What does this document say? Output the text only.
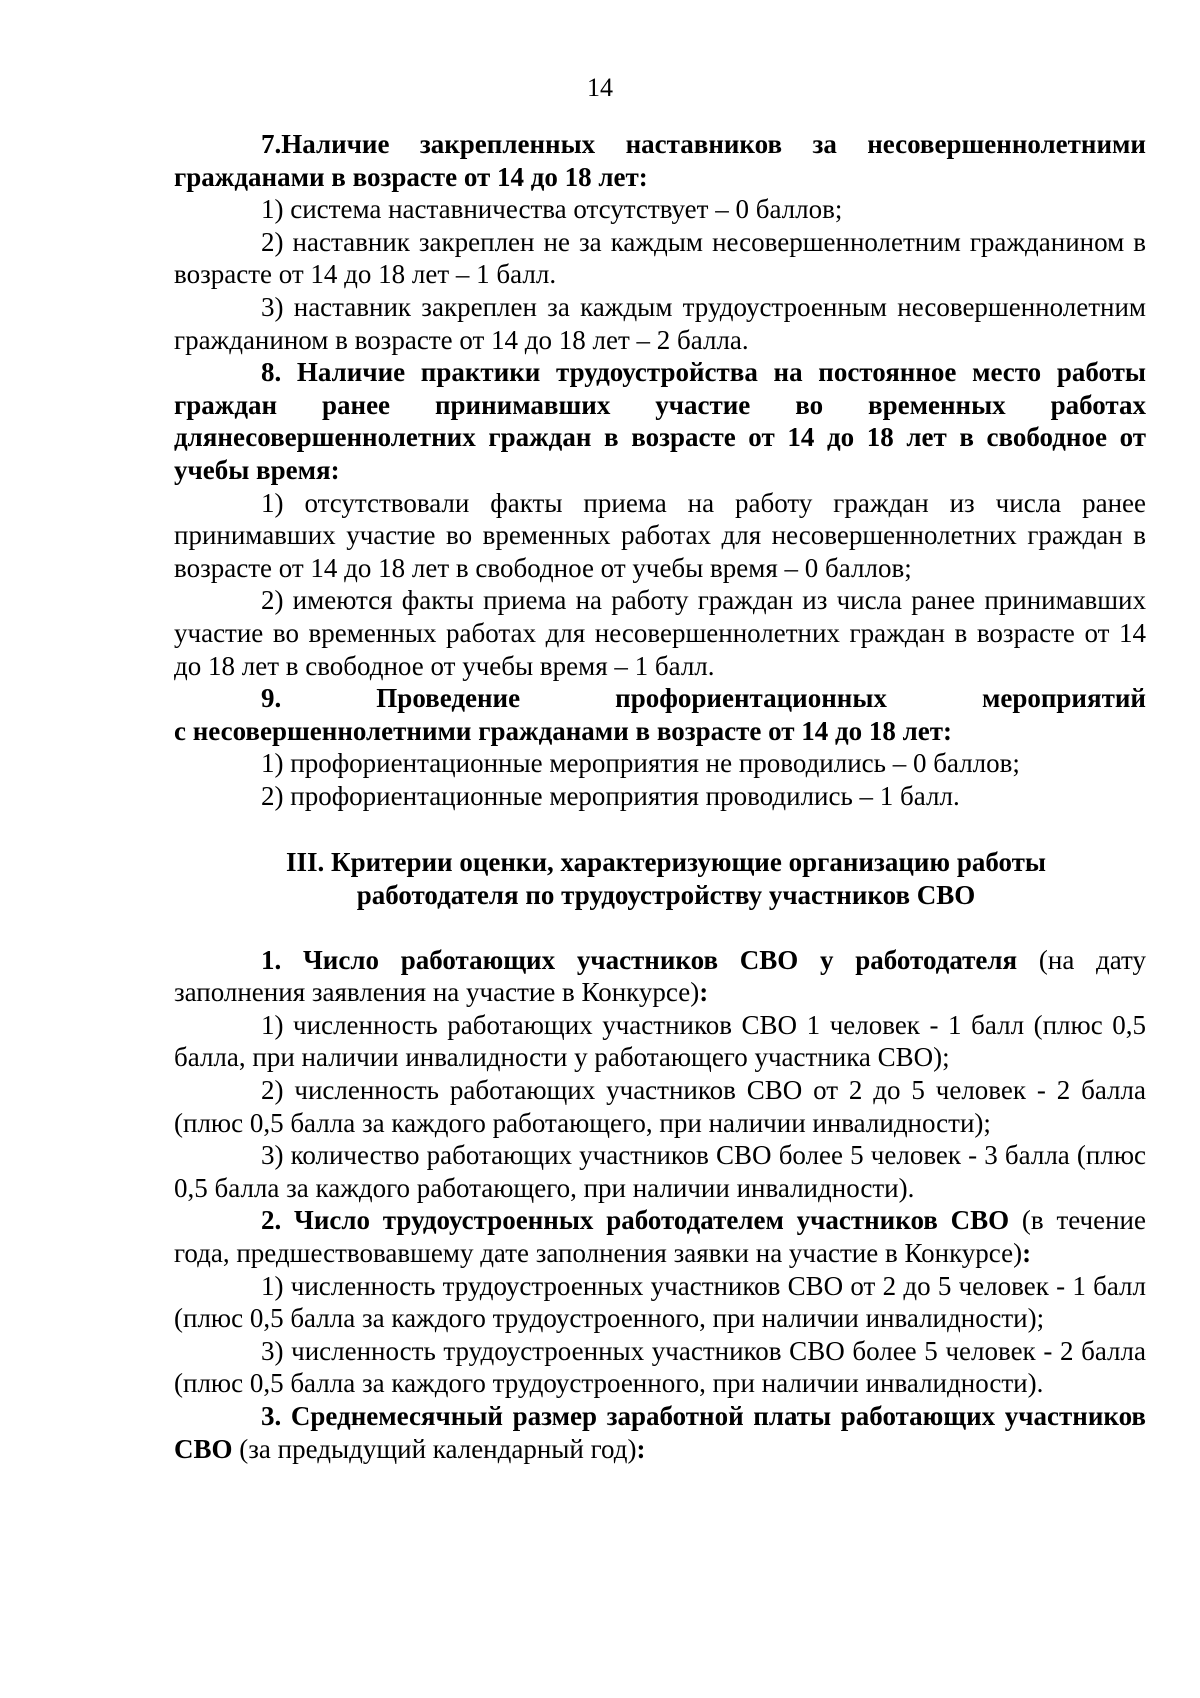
14

7.Наличие закрепленных наставников за несовершеннолетними гражданами в возрасте от 14 до 18 лет:

1) система наставничества отсутствует – 0 баллов;

2) наставник закреплен не за каждым несовершеннолетним гражданином в возрасте от 14 до 18 лет – 1 балл.

3) наставник закреплен за каждым трудоустроенным несовершеннолетним гражданином в возрасте от 14 до 18 лет – 2 балла.

8. Наличие практики трудоустройства на постоянное место работы граждан ранее принимавших участие во временных работах длянесовершеннолетних граждан в возрасте от 14 до 18 лет в свободное от учебы время:

1) отсутствовали факты приема на работу граждан из числа ранее принимавших участие во временных работах для несовершеннолетних граждан в возрасте от 14 до 18 лет в свободное от учебы время – 0 баллов;

2) имеются факты приема на работу граждан из числа ранее принимавших участие во временных работах для несовершеннолетних граждан в возрасте от 14 до 18 лет в свободное от учебы время – 1 балл.

9.	Проведение	профориентационных	мероприятий

с несовершеннолетними гражданами в возрасте от 14 до 18 лет:

1) профориентационные мероприятия не проводились – 0 баллов;

2) профориентационные мероприятия проводились – 1 балл.

III. Критерии оценки, характеризующие организацию работы

работодателя по трудоустройству участников СВО

1. Число работающих участников СВО у работодателя (на дату заполнения заявления на участие в Конкурсе):

1) численность работающих участников СВО 1 человек - 1 балл (плюс 0,5 балла, при наличии инвалидности у работающего участника СВО);

2) численность работающих участников СВО от 2 до 5 человек - 2 балла (плюс 0,5 балла за каждого работающего, при наличии инвалидности);

3) количество работающих участников СВО более 5 человек - 3 балла (плюс 0,5 балла за каждого работающего, при наличии инвалидности).

2. Число трудоустроенных работодателем участников СВО (в течение года, предшествовавшему дате заполнения заявки на участие в Конкурсе):

1) численность трудоустроенных участников СВО от 2 до 5 человек - 1 балл (плюс 0,5 балла за каждого трудоустроенного, при наличии инвалидности);

3) численность трудоустроенных участников СВО более 5 человек - 2 балла (плюс 0,5 балла за каждого трудоустроенного, при наличии инвалидности).

3. Среднемесячный размер заработной платы работающих участников СВО (за предыдущий календарный год):
